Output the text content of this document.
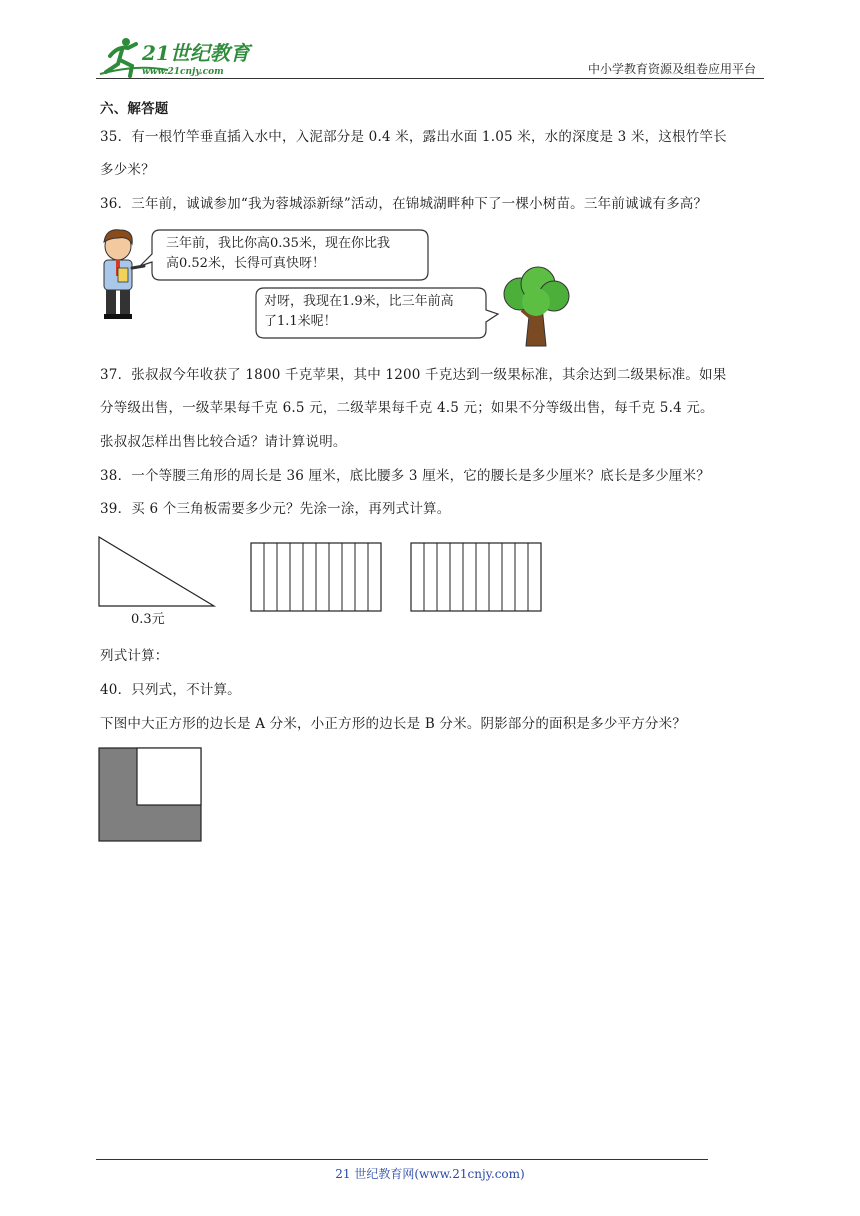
21世纪教育
www.21cnjy.com	中小学教育资源及组卷应用平台
六、解答题
35．有一根竹竿垂直插入水中，入泥部分是 0.4 米，露出水面 1.05 米，水的深度是 3 米，这根竹竿长
多少米？
36．三年前，诚诚参加“我为蓉城添新绿”活动，在锦城湖畔种下了一棵小树苗。三年前诚诚有多高？
三年前，我比你高0.35米，现在你比我
高0.52米，长得可真快呀！
对呀，我现在1.9米，比三年前高
了1.1米呢！
37．张叔叔今年收获了 1800 千克苹果，其中 1200 千克达到一级果标准，其余达到二级果标准。如果
分等级出售，一级苹果每千克 6.5 元，二级苹果每千克 4.5 元；如果不分等级出售，每千克 5.4 元。
张叔叔怎样出售比较合适？请计算说明。
38．一个等腰三角形的周长是 36 厘米，底比腰多 3 厘米，它的腰长是多少厘米？底长是多少厘米？
39．买 6 个三角板需要多少元？先涂一涂，再列式计算。
0.3元
列式计算：
40．只列式，不计算。
下图中大正方形的边长是 A 分米，小正方形的边长是 B 分米。阴影部分的面积是多少平方分米？
21 世纪教育网(www.21cnjy.com)
